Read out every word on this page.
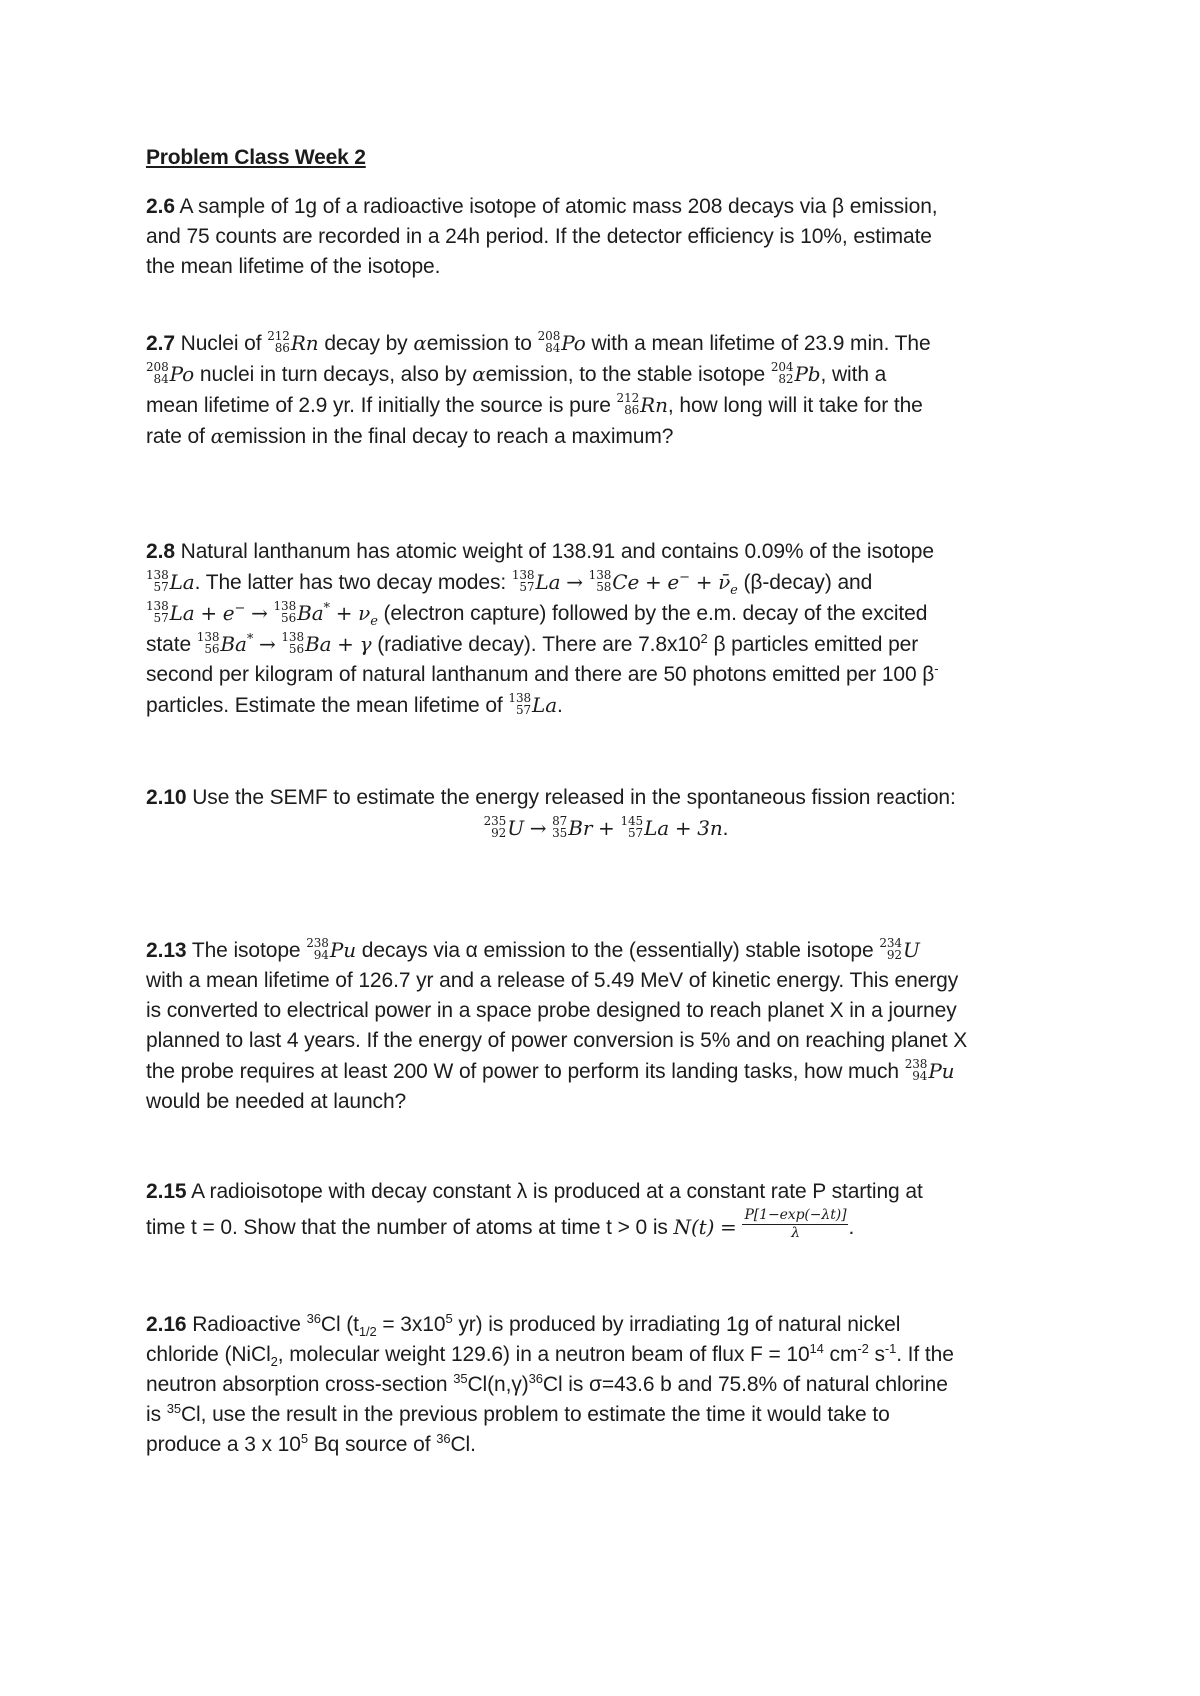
Problem Class Week 2
2.6 A sample of 1g of a radioactive isotope of atomic mass 208 decays via β emission,
and 75 counts are recorded in a 24h period. If the detector efficiency is 10%, estimate
the mean lifetime of the isotope.
2.7 Nuclei of 212
86 Rn decay by αemission to 208
84 Po with a mean lifetime of 23.9 min. The
208
84 Po nuclei in turn decays, also by αemission, to the stable isotope 204
82 Pb, with a
mean lifetime of 2.9 yr. If initially the source is pure 212
86 Rn, how long will it take for the
rate of αemission in the final decay to reach a maximum?
2.8 Natural lanthanum has atomic weight of 138.91 and contains 0.09% of the isotope
138
57 La. The latter has two decay modes: 138
57 La → 138
58 $Ce + e^- + \nū_e$ (β-decay) and
138
57 La + e− → 138
56 $Ba^* + \nu_e$ (electron capture) followed by the e.m. decay of the excited
state 138
56 Ba* → 138
56 Ba + γ (radiative decay). There are $7.8x10^2$ β particles emitted per
second per kilogram of natural lanthanum and there are 50 photons emitted per 100 β-
particles. Estimate the mean lifetime of 138
57 La.
2.10 Use the SEMF to estimate the energy released in the spontaneous fission reaction:
235
92 U → 87
35 Br + 145
57 La + 3n.
2.13 The isotope 238
94 Pu decays via α emission to the (essentially) stable isotope 234
92 U
with a mean lifetime of 126.7 yr and a release of 5.49 MeV of kinetic energy. This energy
is converted to electrical power in a space probe designed to reach planet X in a journey
planned to last 4 years. If the energy of power conversion is 5% and on reaching planet X
the probe requires at least 200 W of power to perform its landing tasks, how much 238
94 Pu
would be needed at launch?
2.15 A radioisotope with decay constant λ is produced at a constant rate P starting at
time t = 0. Show that the number of atoms at time t > 0 is $N(t) = \frac{P[1-\exp(-\lambda t)]}{\lambda}$ .
2.16 Radioactive $^{36}$Cl ($t_{1/2} = 3x10^5$ yr) is produced by irradiating 1g of natural nickel
chloride (NiCl$_2$, molecular weight 129.6) in a neutron beam of flux $F = 10^{14}$ $cm^{-2}$ $s^{-1}$. If the
neutron absorption cross-section $^{35}Cl(n,\gamma)^{36}Cl$ is σ=43.6 b and 75.8% of natural chlorine
is $^{35}$Cl, use the result in the previous problem to estimate the time it would take to
produce a 3 x $10^5$ Bq source of $^{36}$Cl.
